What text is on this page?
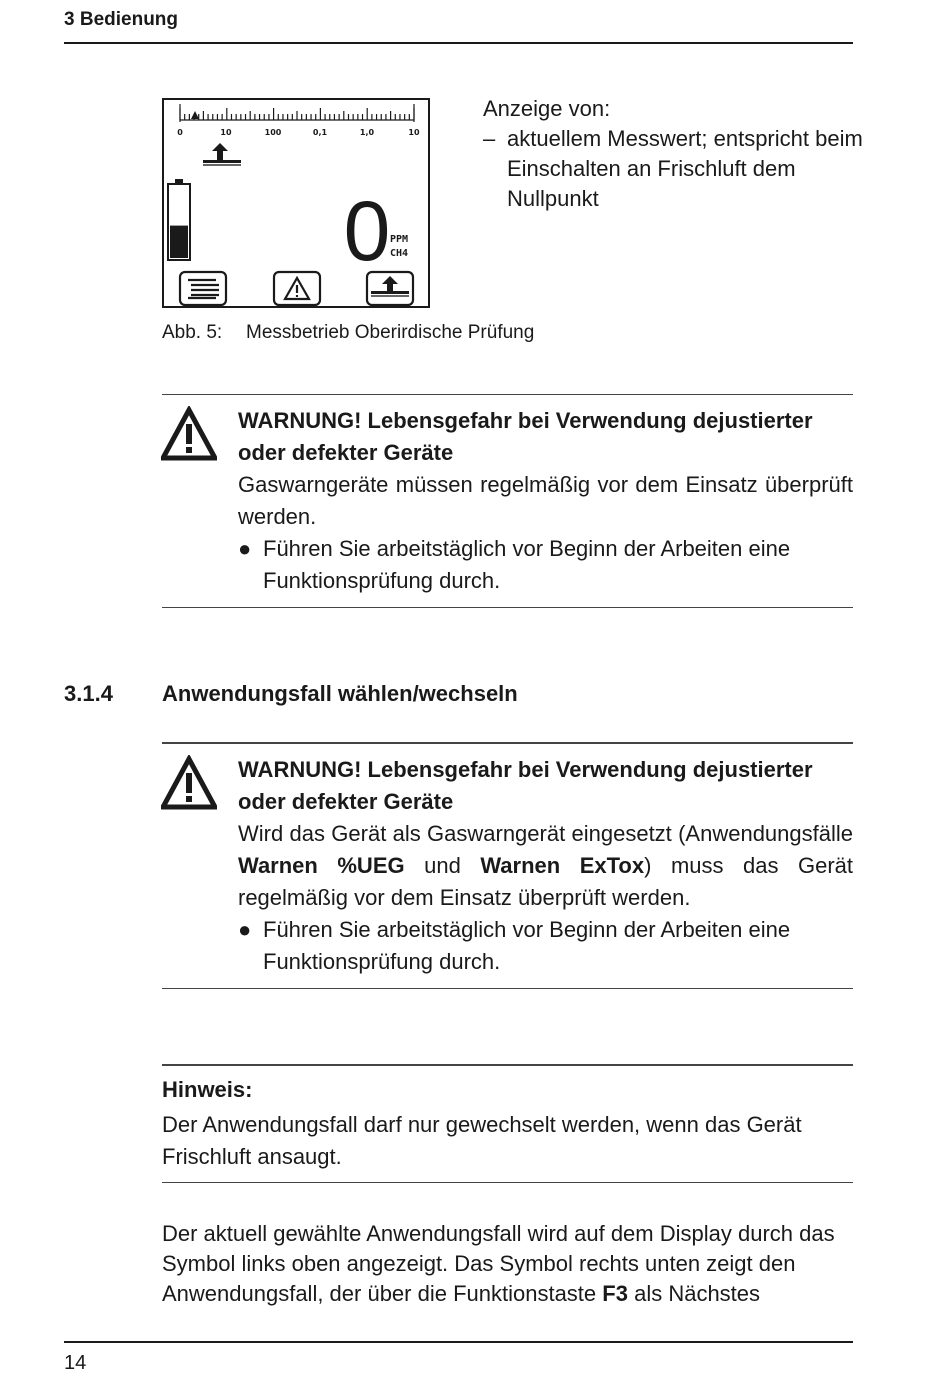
3 Bedienung
0	10	100	0,1	1,0	10
0 PPM
CH4
Anzeige von:
– aktuellem Messwert; entspricht beim Einschalten an Frischluft dem Nullpunkt
Abb. 5: Messbetrieb Oberirdische Prüfung
WARNUNG! Lebensgefahr bei Verwendung dejustierter oder defekter Geräte
Gaswarngeräte müssen regelmäßig vor dem Einsatz überprüft werden.
● Führen Sie arbeitstäglich vor Beginn der Arbeiten eine Funktionsprüfung durch.
3.1.4 Anwendungsfall wählen/wechseln
WARNUNG! Lebensgefahr bei Verwendung dejustierter oder defekter Geräte
Wird das Gerät als Gaswarngerät eingesetzt (Anwendungsfälle Warnen %UEG und Warnen ExTox) muss das Gerät regelmäßig vor dem Einsatz überprüft werden.
● Führen Sie arbeitstäglich vor Beginn der Arbeiten eine Funktionsprüfung durch.
Hinweis:
Der Anwendungsfall darf nur gewechselt werden, wenn das Gerät Frischluft ansaugt.
Der aktuell gewählte Anwendungsfall wird auf dem Display durch das Symbol links oben angezeigt. Das Symbol rechts unten zeigt den Anwendungsfall, der über die Funktionstaste F3 als Nächstes
14
